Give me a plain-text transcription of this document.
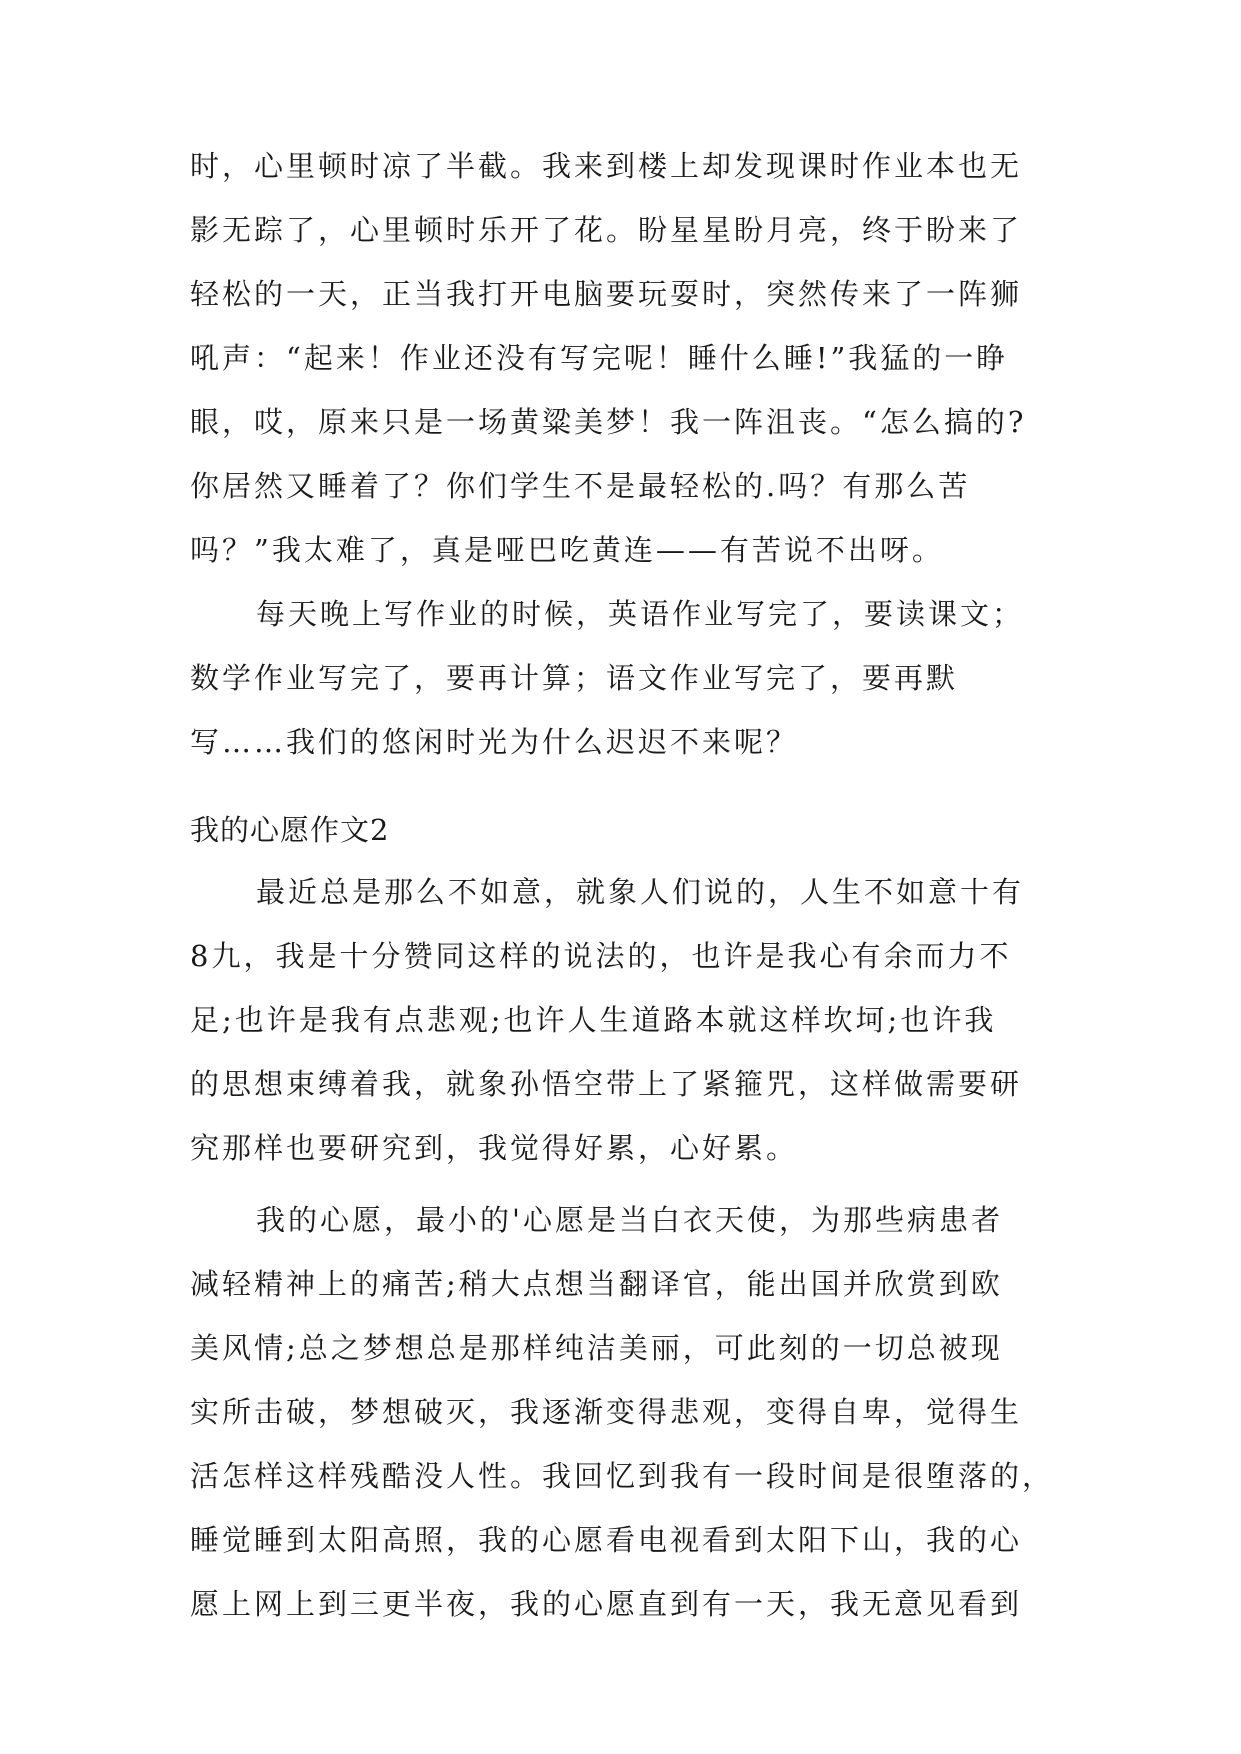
时，心里顿时凉了半截。我来到楼上却发现课时作业本也无
影无踪了，心里顿时乐开了花。盼星星盼月亮，终于盼来了
轻松的一天，正当我打开电脑要玩耍时，突然传来了一阵狮
吼声：“起来！作业还没有写完呢！睡什么睡!”我猛的一睁
眼，哎，原来只是一场黄粱美梦！我一阵沮丧。“怎么搞的?
你居然又睡着了？你们学生不是最轻松的.吗？有那么苦
吗？”我太难了，真是哑巴吃黄连——有苦说不出呀。
每天晚上写作业的时候，英语作业写完了，要读课文；
数学作业写完了，要再计算；语文作业写完了，要再默
写……我们的悠闲时光为什么迟迟不来呢？
我的心愿作文2
最近总是那么不如意，就象人们说的，人生不如意十有
8九，我是十分赞同这样的说法的，也许是我心有余而力不
足;也许是我有点悲观;也许人生道路本就这样坎坷;也许我
的思想束缚着我，就象孙悟空带上了紧箍咒，这样做需要研
究那样也要研究到，我觉得好累，心好累。
我的心愿，最小的'心愿是当白衣天使，为那些病患者
减轻精神上的痛苦;稍大点想当翻译官，能出国并欣赏到欧
美风情;总之梦想总是那样纯洁美丽，可此刻的一切总被现
实所击破，梦想破灭，我逐渐变得悲观，变得自卑，觉得生
活怎样这样残酷没人性。我回忆到我有一段时间是很堕落的，
睡觉睡到太阳高照，我的心愿看电视看到太阳下山，我的心
愿上网上到三更半夜，我的心愿直到有一天，我无意见看到
